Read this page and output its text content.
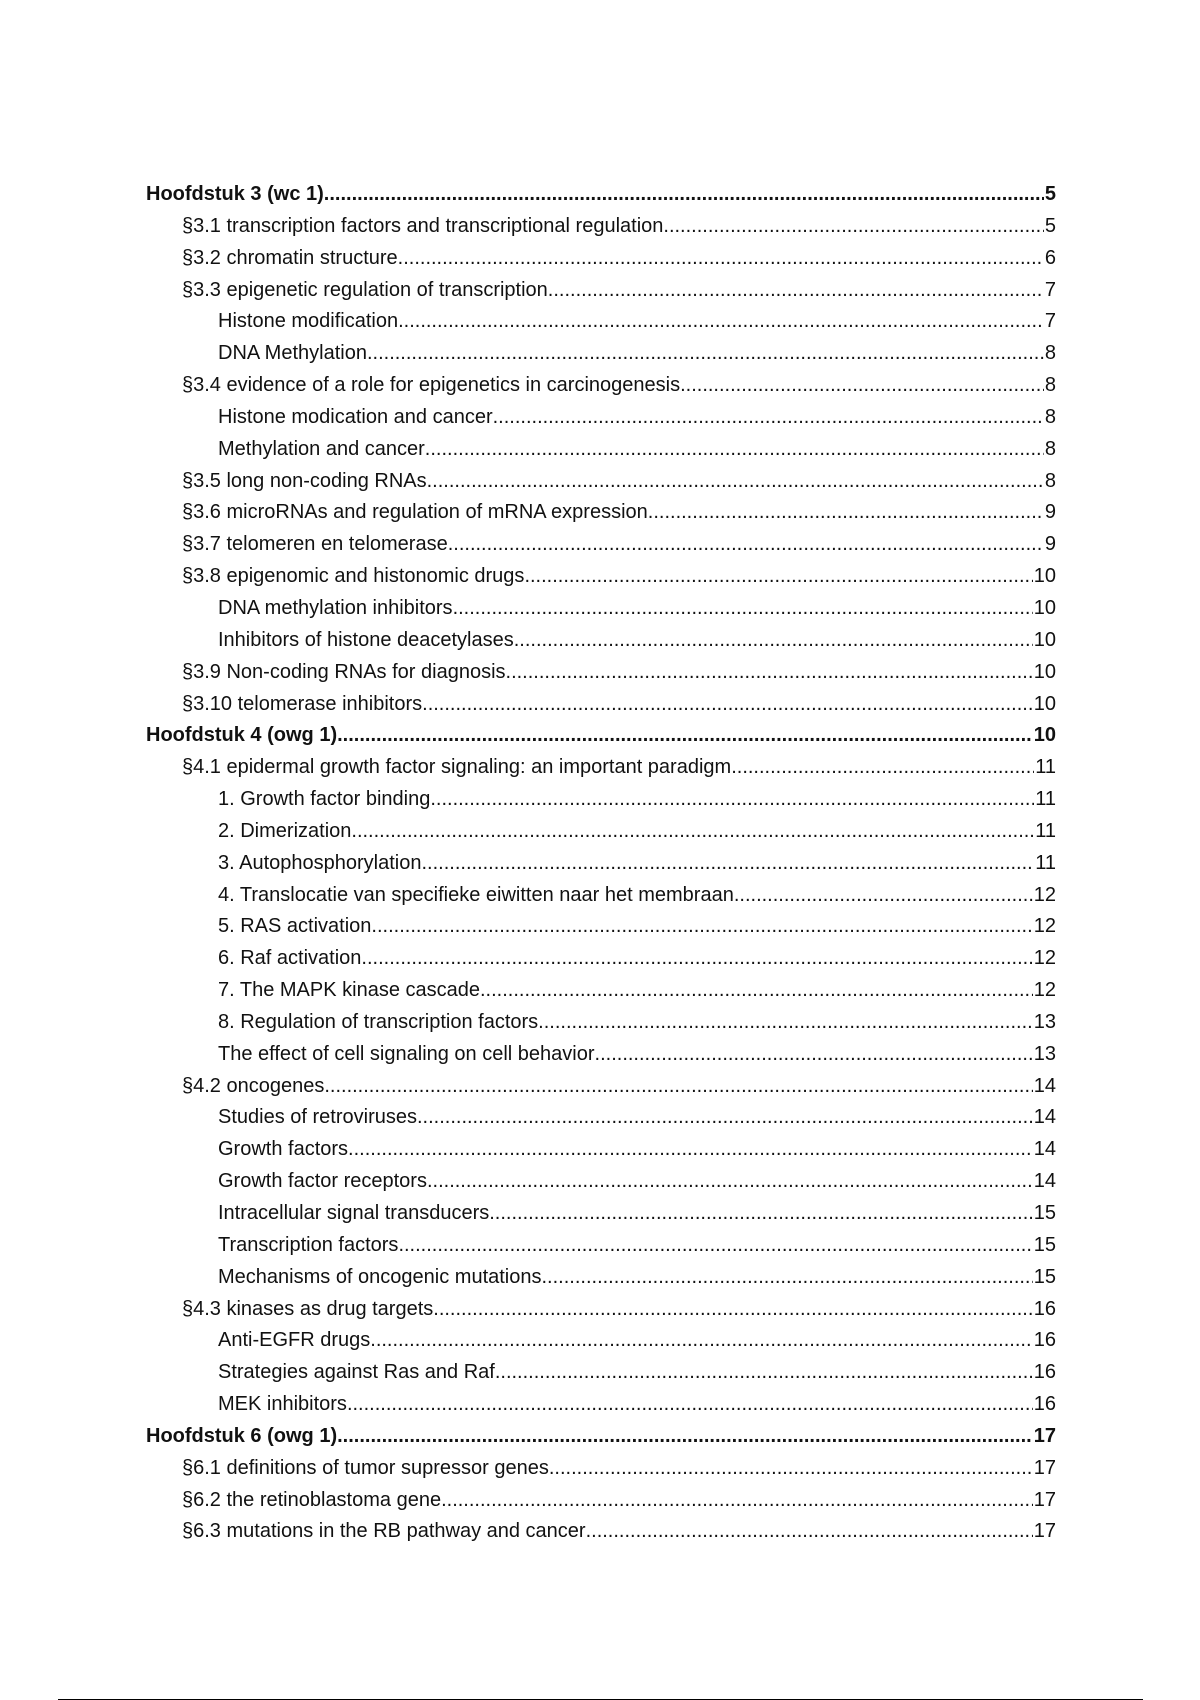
Hoofdstuk 3 (wc 1) .....	5
§3.1 transcription factors and transcriptional regulation .....	5
§3.2 chromatin structure .....	6
§3.3 epigenetic regulation of transcription .....	7
Histone modification .....	7
DNA Methylation .....	8
§3.4 evidence of a role for epigenetics in carcinogenesis .....	8
Histone modication and cancer .....	8
Methylation and cancer .....	8
§3.5 long non-coding RNAs .....	8
§3.6 microRNAs and regulation of mRNA expression .....	9
§3.7 telomeren en telomerase .....	9
§3.8 epigenomic and histonomic drugs .....	10
DNA methylation inhibitors .....	10
Inhibitors of histone deacetylases .....	10
§3.9 Non-coding RNAs for diagnosis .....	10
§3.10 telomerase inhibitors .....	10
Hoofdstuk 4 (owg 1) .....	10
§4.1 epidermal growth factor signaling: an important paradigm .....	11
1. Growth factor binding .....	11
2. Dimerization .....	11
3. Autophosphorylation .....	11
4. Translocatie van specifieke eiwitten naar het membraan .....	12
5. RAS activation .....	12
6. Raf activation .....	12
7. The MAPK kinase cascade .....	12
8. Regulation of transcription factors .....	13
The effect of cell signaling on cell behavior .....	13
§4.2 oncogenes .....	14
Studies of retroviruses .....	14
Growth factors .....	14
Growth factor receptors .....	14
Intracellular signal transducers .....	15
Transcription factors .....	15
Mechanisms of oncogenic mutations .....	15
§4.3 kinases as drug targets .....	16
Anti-EGFR drugs .....	16
Strategies against Ras and Raf .....	16
MEK inhibitors .....	16
Hoofdstuk 6 (owg 1) .....	17
§6.1 definitions of tumor supressor genes .....	17
§6.2 the retinoblastoma gene .....	17
§6.3 mutations in the RB pathway and cancer .....	17
